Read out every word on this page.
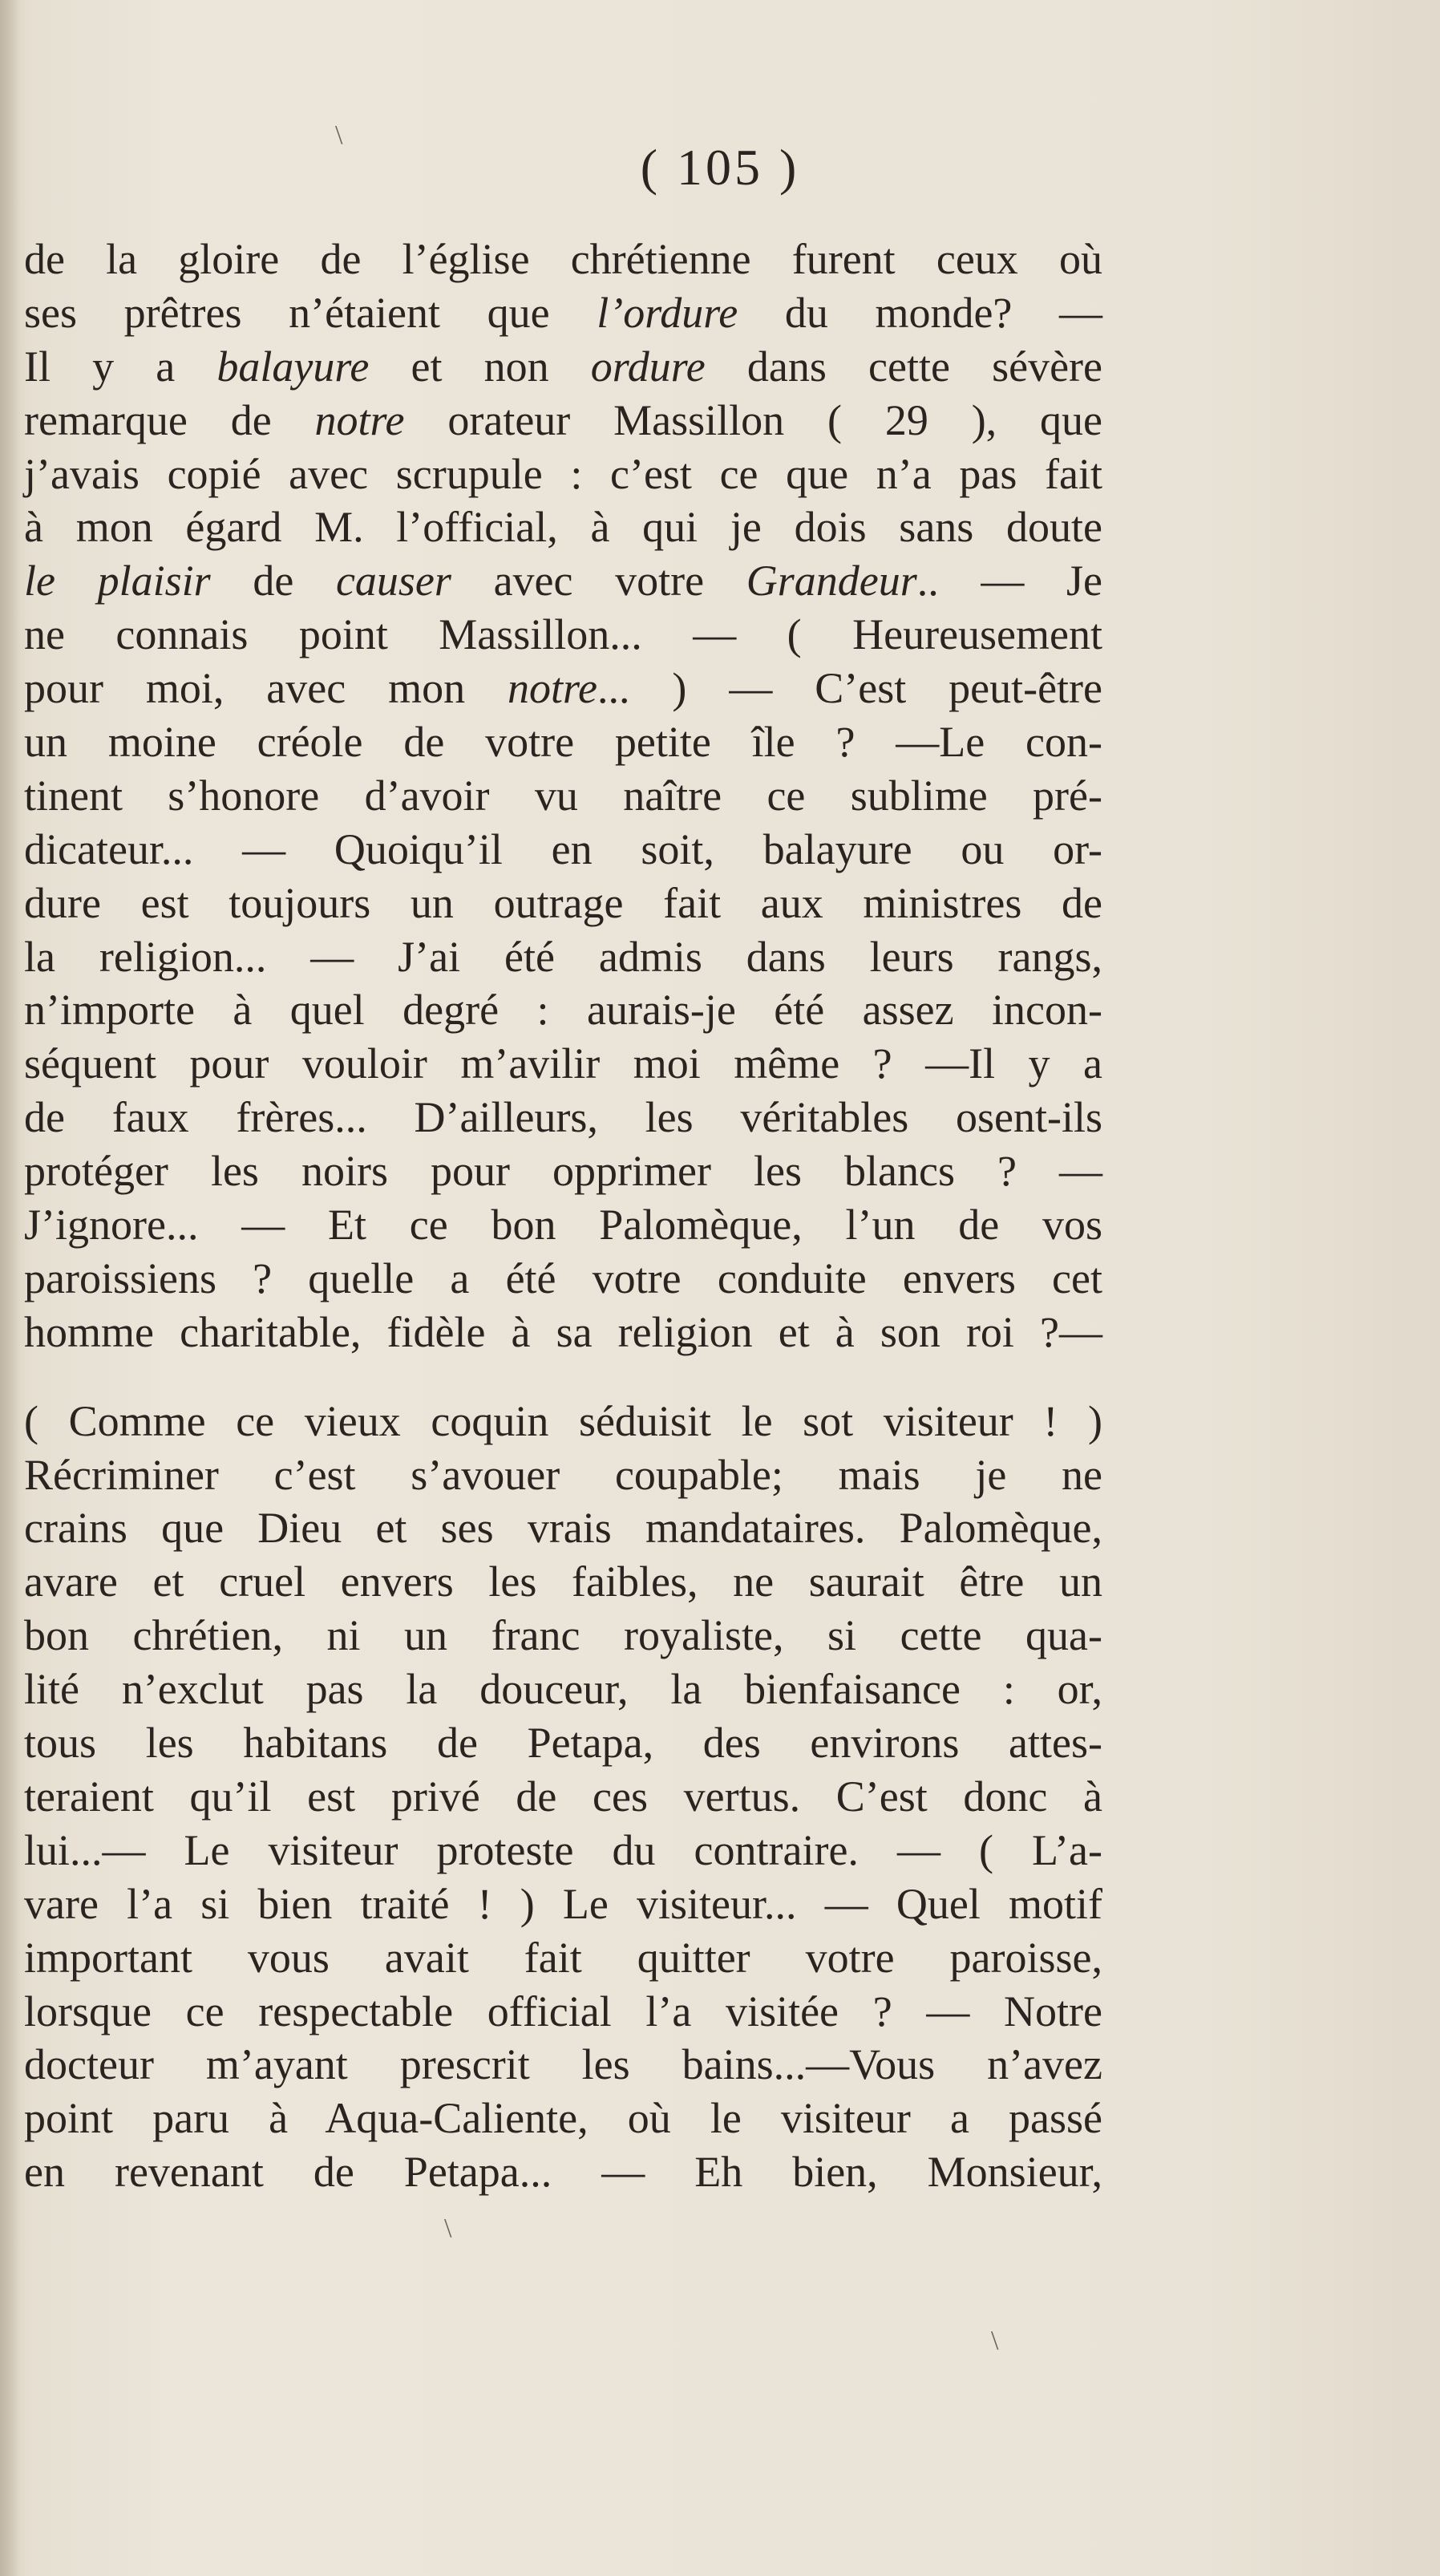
( 105 )
de la gloire de l’église chrétienne furent ceux où
ses prêtres n’étaient que l’ordure du monde? —
Il y a balayure et non ordure dans cette sévère
remarque de notre orateur Massillon ( 29 ), que
j’avais copié avec scrupule : c’est ce que n’a pas fait
à mon égard M. l’official, à qui je dois sans doute
le plaisir de causer avec votre Grandeur.. — Je
ne connais point Massillon... — ( Heureusement
pour moi, avec mon notre... ) — C’est peut-être
un moine créole de votre petite île ? —Le con-
tinent s’honore d’avoir vu naître ce sublime pré-
dicateur... — Quoiqu’il en soit, balayure ou or-
dure est toujours un outrage fait aux ministres de
la religion... — J’ai été admis dans leurs rangs,
n’importe à quel degré : aurais-je été assez incon-
séquent pour vouloir m’avilir moi même ? —Il y a
de faux frères... D’ailleurs, les véritables osent-ils
protéger les noirs pour opprimer les blancs ? —
J’ignore... — Et ce bon Palomèque, l’un de vos
paroissiens ? quelle a été votre conduite envers cet
homme charitable, fidèle à sa religion et à son roi ?—
( Comme ce vieux coquin séduisit le sot visiteur ! )
Récriminer c’est s’avouer coupable; mais je ne
crains que Dieu et ses vrais mandataires. Palomèque,
avare et cruel envers les faibles, ne saurait être un
bon chrétien, ni un franc royaliste, si cette qua-
lité n’exclut pas la douceur, la bienfaisance : or,
tous les habitans de Petapa, des environs attes-
teraient qu’il est privé de ces vertus. C’est donc à
lui...— Le visiteur proteste du contraire. — ( L’a-
vare l’a si bien traité ! ) Le visiteur... — Quel motif
important vous avait fait quitter votre paroisse,
lorsque ce respectable official l’a visitée ? — Notre
docteur m’ayant prescrit les bains...—Vous n’avez
point paru à Aqua-Caliente, où le visiteur a passé
en revenant de Petapa... — Eh bien, Monsieur,
\
\
\
